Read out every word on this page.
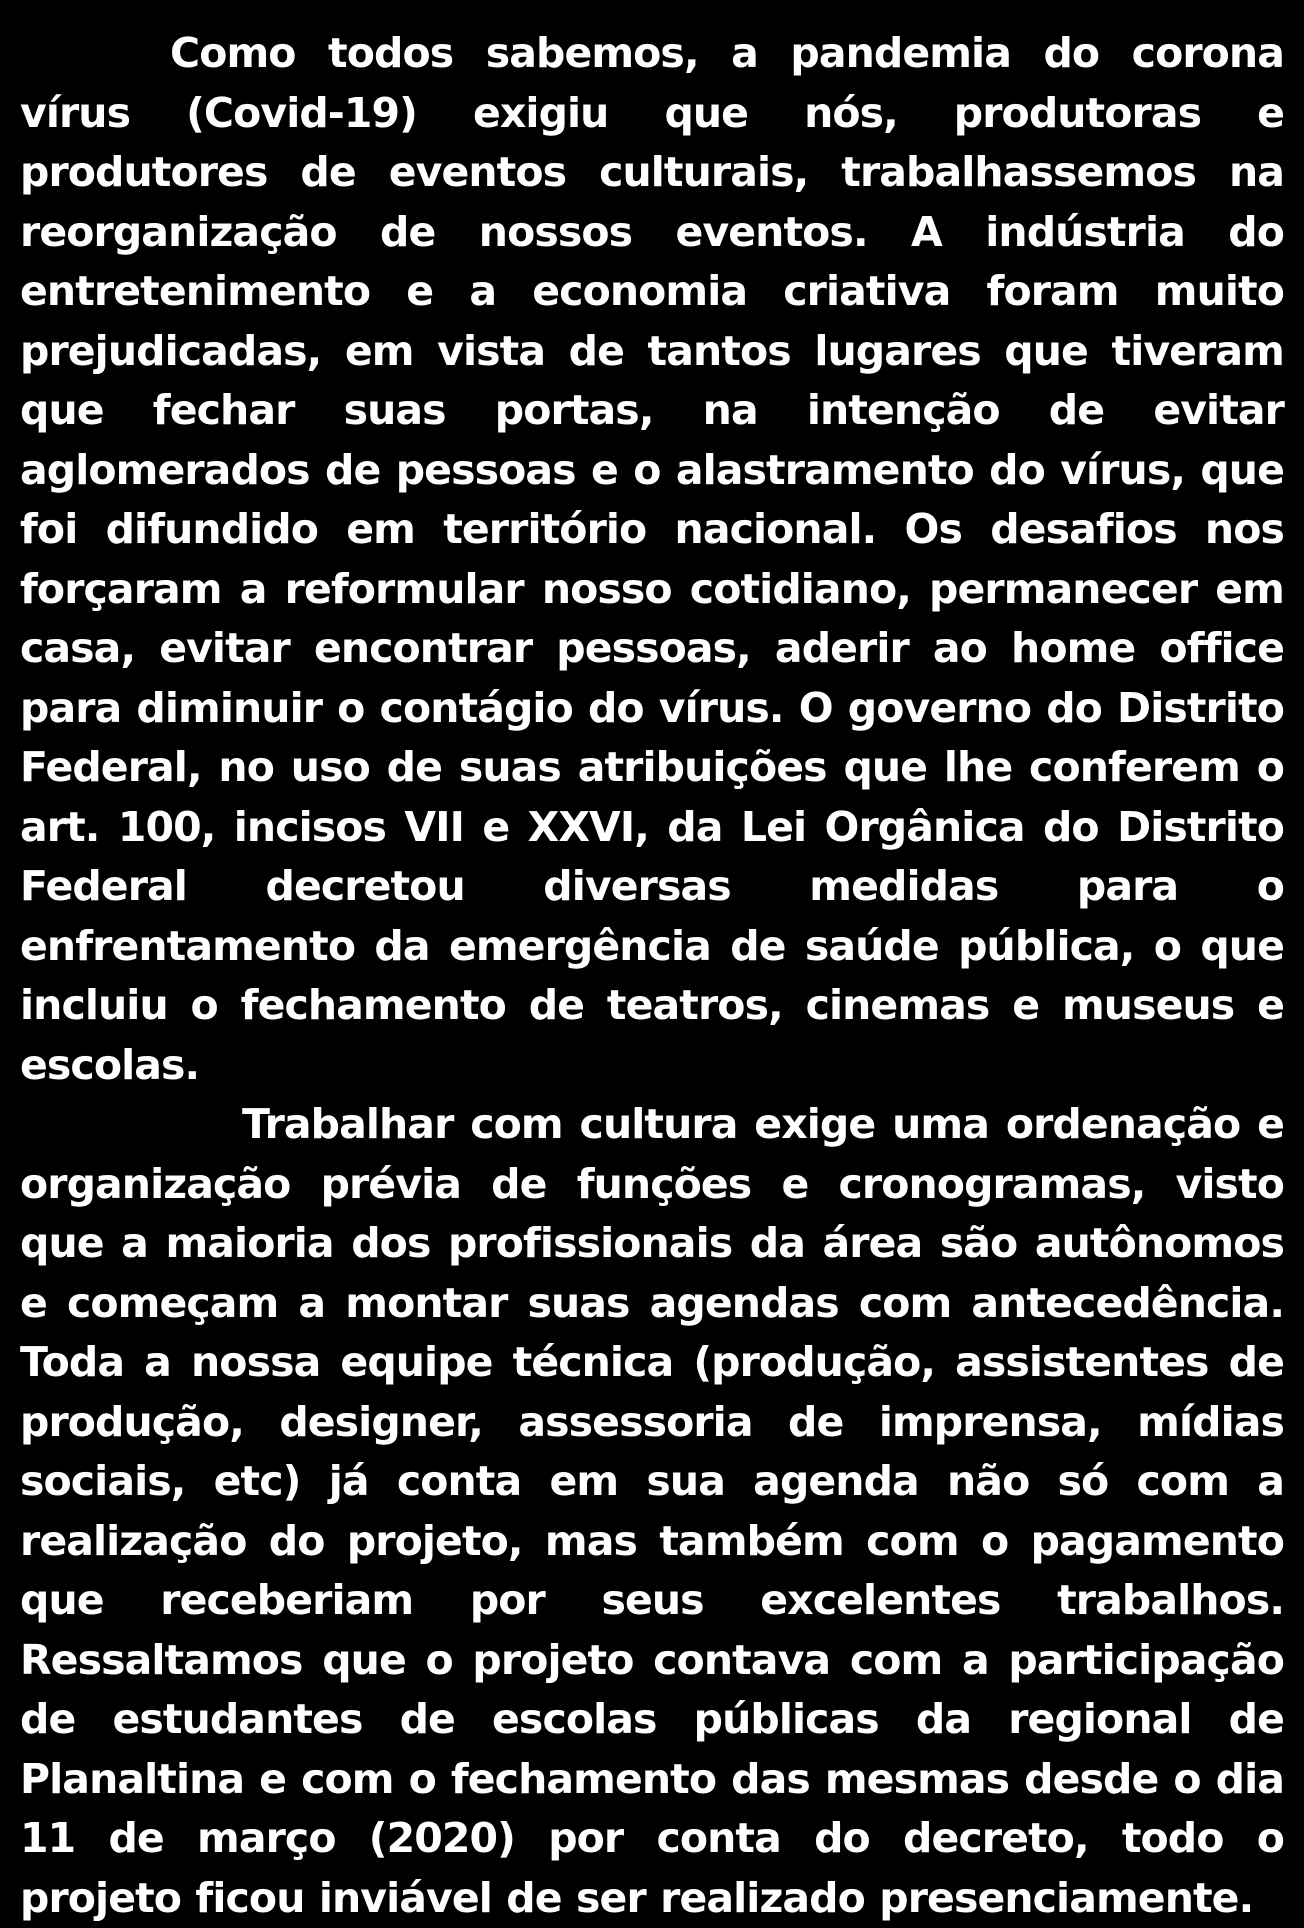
Como todos sabemos, a pandemia do corona vírus (Covid-19) exigiu que nós, produtoras e produtores de eventos culturais, trabalhassemos na reorganização de nossos eventos. A indústria do entretenimento e a economia criativa foram muito prejudicadas, em vista de tantos lugares que tiveram que fechar suas portas, na intenção de evitar aglomerados de pessoas e o alastramento do vírus, que foi difundido em território nacional. Os desafios nos forçaram a reformular nosso cotidiano, permanecer em casa, evitar encontrar pessoas, aderir ao home office para diminuir o contágio do vírus. O governo do Distrito Federal, no uso de suas atribuições que lhe conferem o art. 100, incisos VII e XXVI, da Lei Orgânica do Distrito Federal decretou diversas medidas para o enfrentamento da emergência de saúde pública, o que incluiu o fechamento de teatros, cinemas e museus e escolas.

Trabalhar com cultura exige uma ordenação e organização prévia de funções e cronogramas, visto que a maioria dos profissionais da área são autônomos e começam a montar suas agendas com antecedência. Toda a nossa equipe técnica (produção, assistentes de produção, designer, assessoria de imprensa, mídias sociais, etc) já conta em sua agenda não só com a realização do projeto, mas também com o pagamento que receberiam por seus excelentes trabalhos. Ressaltamos que o projeto contava com a participação de estudantes de escolas públicas da regional de Planaltina e com o fechamento das mesmas desde o dia 11 de março (2020) por conta do decreto, todo o projeto ficou inviável de ser realizado presenciamente.
